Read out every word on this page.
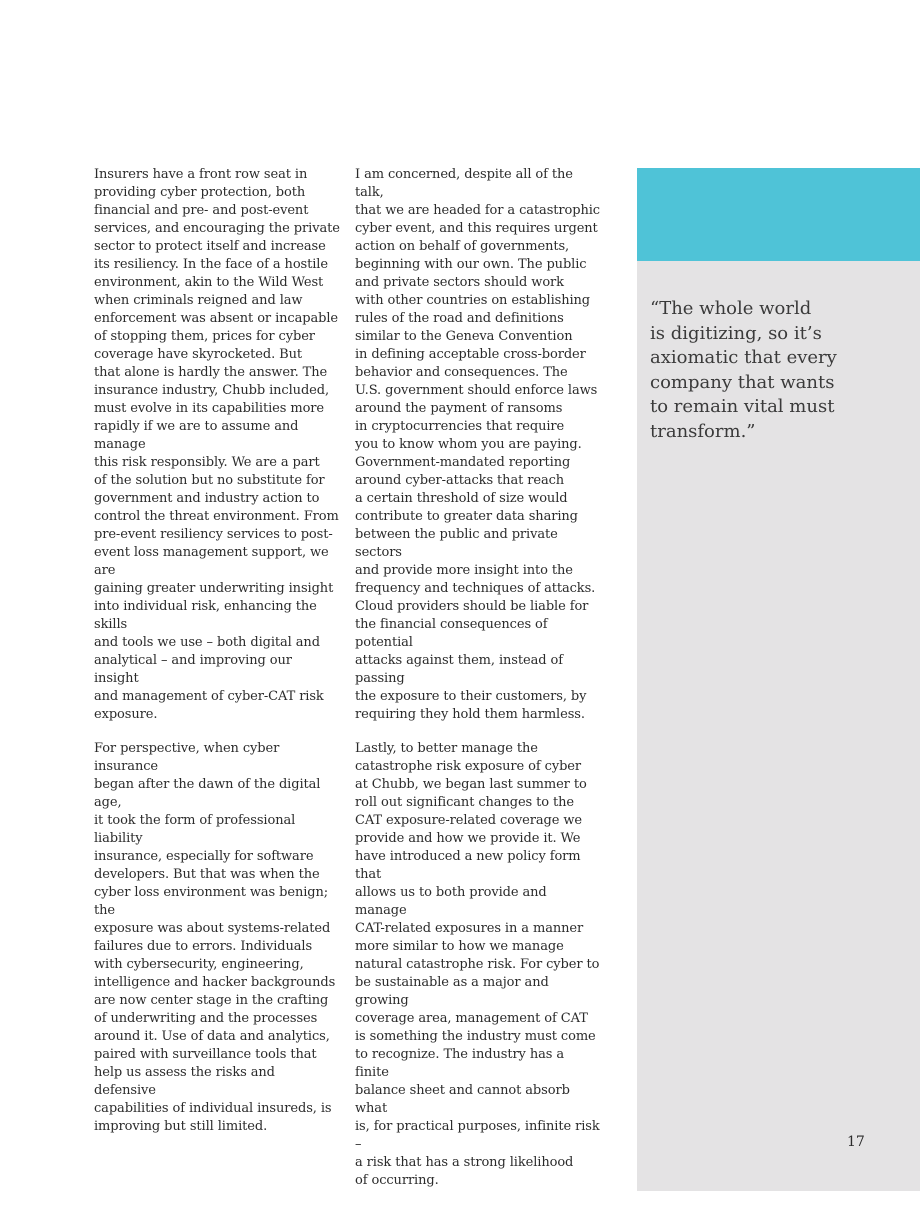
Insurers have a front row seat in
providing cyber protection, both
financial and pre- and post-event
services, and encouraging the private
sector to protect itself and increase
its resiliency. In the face of a hostile
environment, akin to the Wild West
when criminals reigned and law
enforcement was absent or incapable
of stopping them, prices for cyber
coverage have skyrocketed. But
that alone is hardly the answer. The
insurance industry, Chubb included,
must evolve in its capabilities more
rapidly if we are to assume and manage
this risk responsibly. We are a part
of the solution but no substitute for
government and industry action to
control the threat environment. From
pre-event resiliency services to post-
event loss management support, we are
gaining greater underwriting insight
into individual risk, enhancing the skills
and tools we use – both digital and
analytical – and improving our insight
and management of cyber-CAT risk
exposure.

For perspective, when cyber insurance
began after the dawn of the digital age,
it took the form of professional liability
insurance, especially for software
developers. But that was when the
cyber loss environment was benign; the
exposure was about systems-related
failures due to errors. Individuals
with cybersecurity, engineering,
intelligence and hacker backgrounds
are now center stage in the crafting
of underwriting and the processes
around it. Use of data and analytics,
paired with surveillance tools that
help us assess the risks and defensive
capabilities of individual insureds, is
improving but still limited.

I am concerned, despite all of the talk,
that we are headed for a catastrophic
cyber event, and this requires urgent
action on behalf of governments,
beginning with our own. The public
and private sectors should work
with other countries on establishing
rules of the road and definitions
similar to the Geneva Convention
in defining acceptable cross-border
behavior and consequences. The
U.S. government should enforce laws
around the payment of ransoms
in cryptocurrencies that require
you to know whom you are paying.
Government-mandated reporting
around cyber-attacks that reach
a certain threshold of size would
contribute to greater data sharing
between the public and private sectors
and provide more insight into the
frequency and techniques of attacks.
Cloud providers should be liable for
the financial consequences of potential
attacks against them, instead of passing
the exposure to their customers, by
requiring they hold them harmless.

Lastly, to better manage the
catastrophe risk exposure of cyber
at Chubb, we began last summer to
roll out significant changes to the
CAT exposure-related coverage we
provide and how we provide it. We
have introduced a new policy form that
allows us to both provide and manage
CAT-related exposures in a manner
more similar to how we manage
natural catastrophe risk. For cyber to
be sustainable as a major and growing
coverage area, management of CAT
is something the industry must come
to recognize. The industry has a finite
balance sheet and cannot absorb what
is, for practical purposes, infinite risk –
a risk that has a strong likelihood
of occurring.

“The whole world
is digitizing, so it’s
axiomatic that every
company that wants
to remain vital must
transform.”

17
